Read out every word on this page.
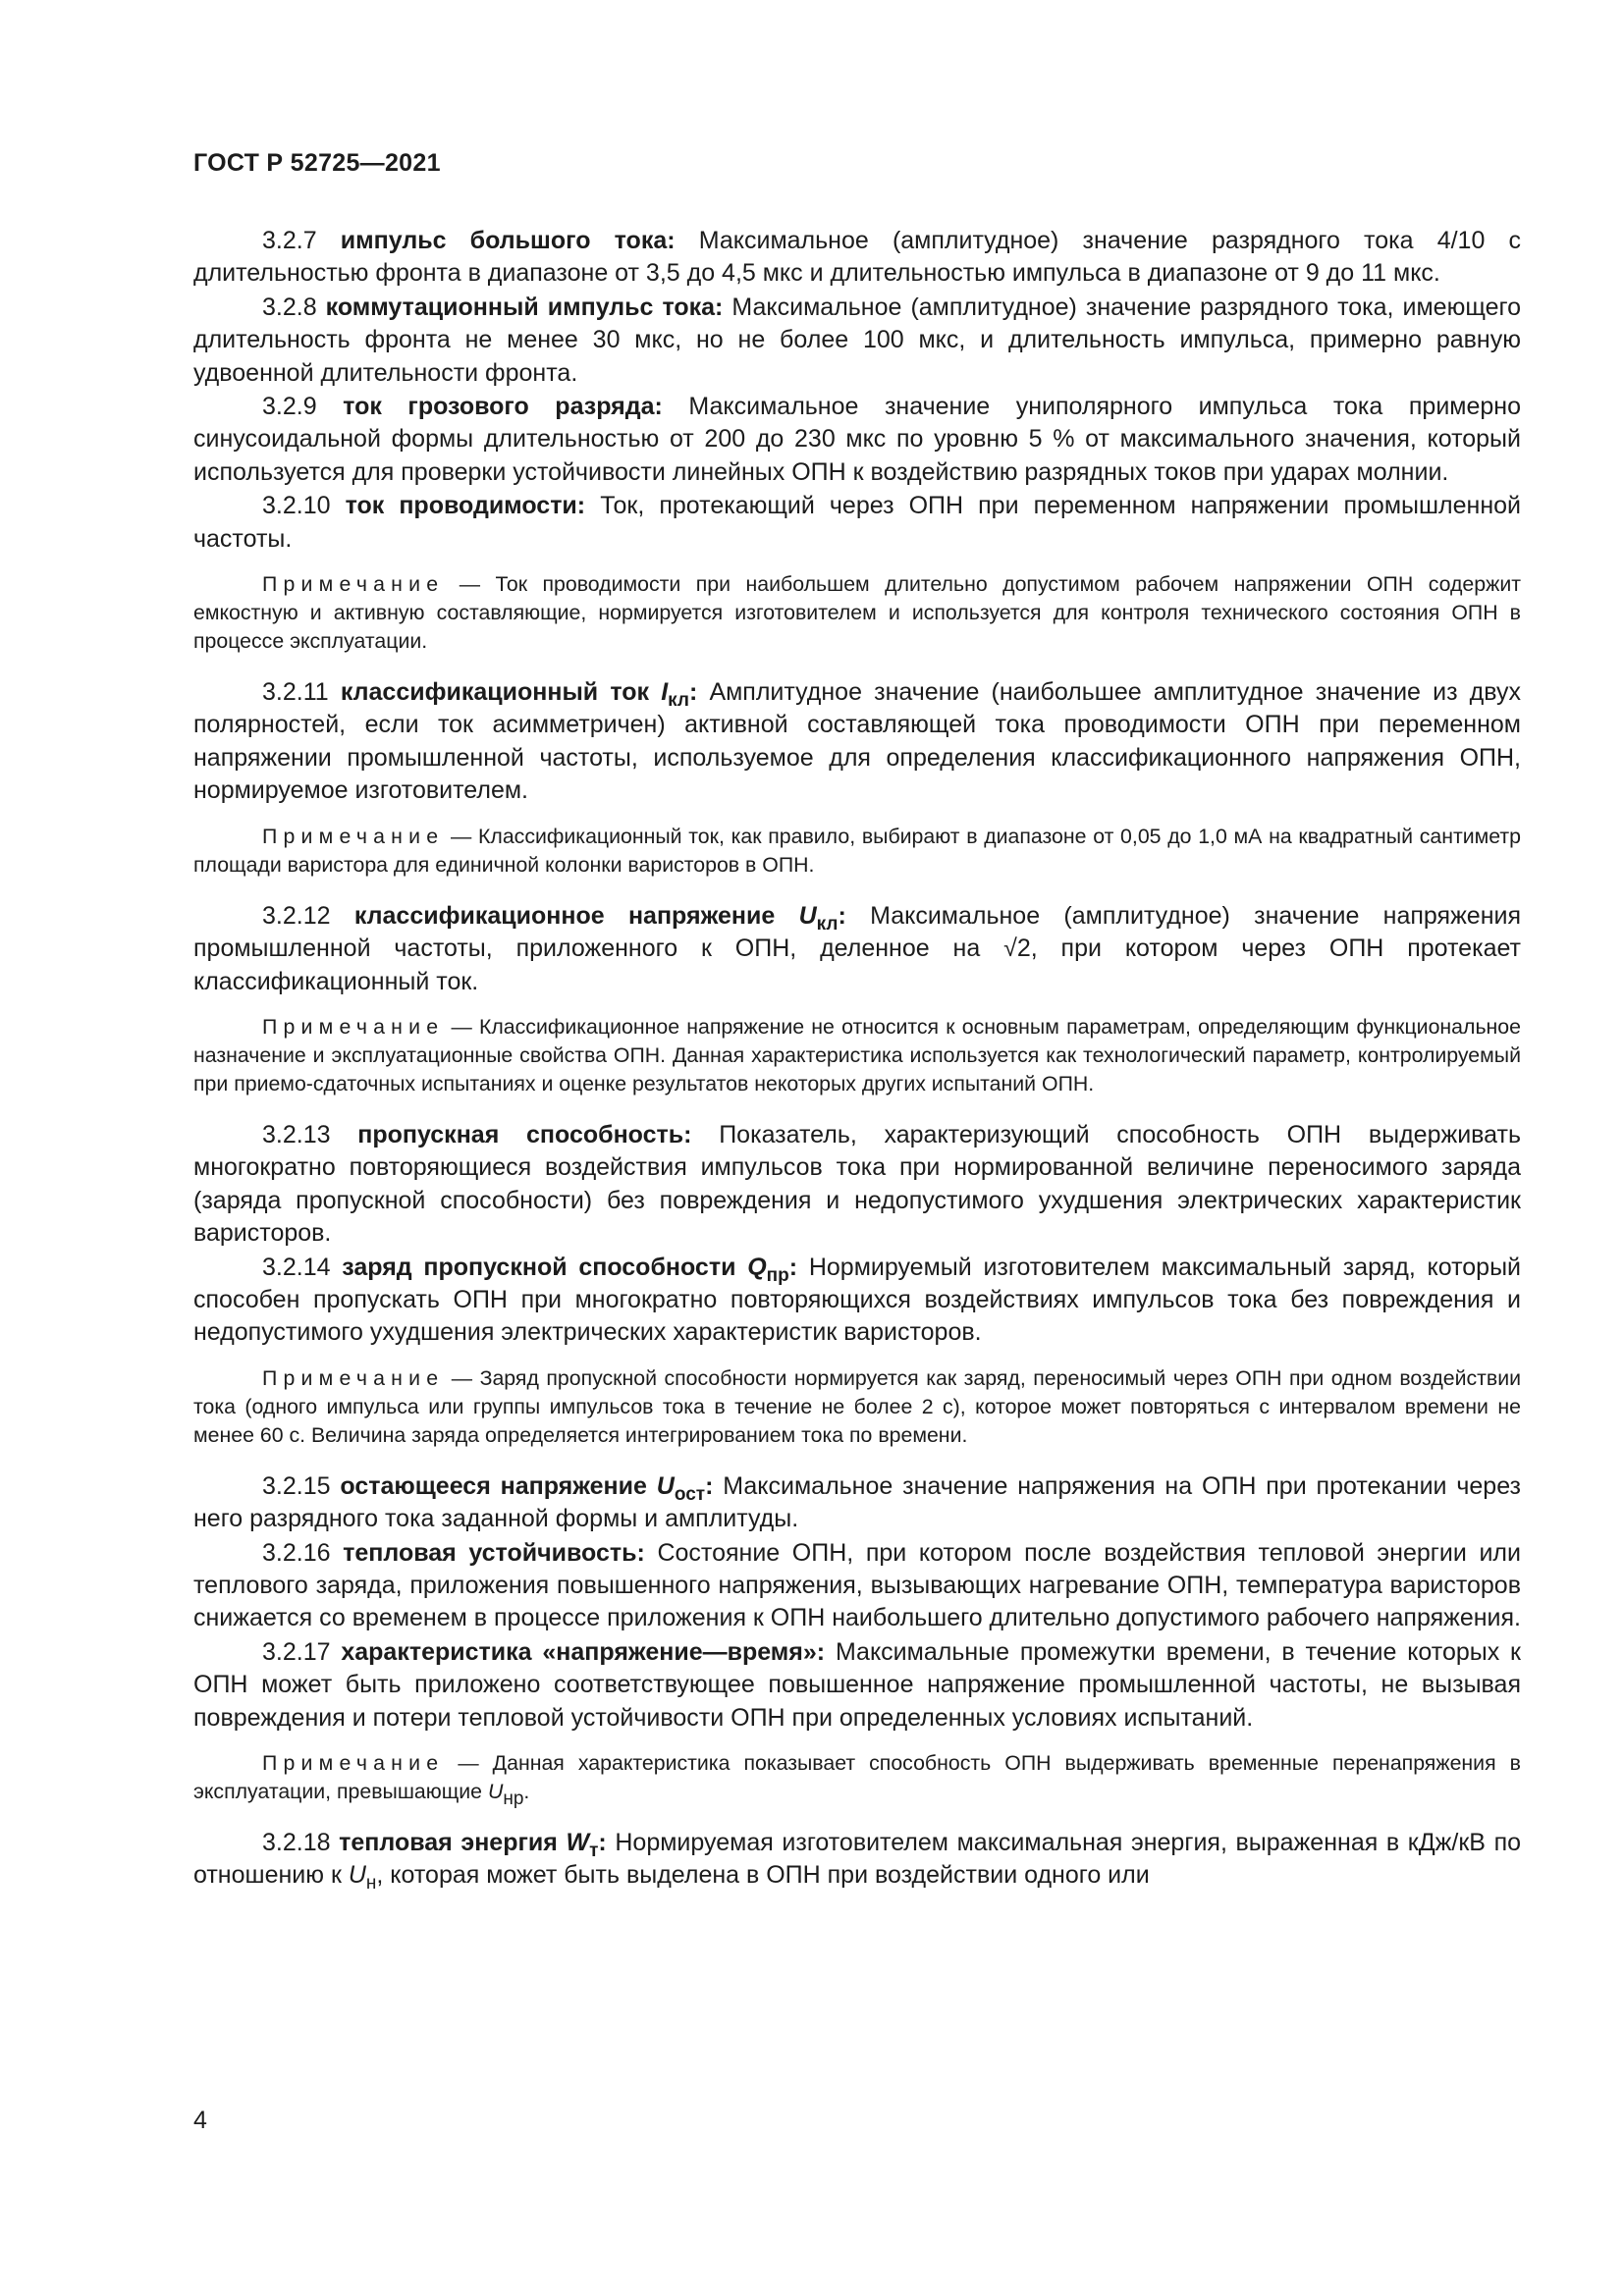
ГОСТ Р 52725—2021

3.2.7 импульс большого тока: Максимальное (амплитудное) значение разрядного тока 4/10 с длительностью фронта в диапазоне от 3,5 до 4,5 мкс и длительностью импульса в диапазоне от 9 до 11 мкс.

3.2.8 коммутационный импульс тока: Максимальное (амплитудное) значение разрядного тока, имеющего длительность фронта не менее 30 мкс, но не более 100 мкс, и длительность импульса, примерно равную удвоенной длительности фронта.

3.2.9 ток грозового разряда: Максимальное значение униполярного импульса тока примерно синусоидальной формы длительностью от 200 до 230 мкс по уровню 5 % от максимального значения, который используется для проверки устойчивости линейных ОПН к воздействию разрядных токов при ударах молнии.

3.2.10 ток проводимости: Ток, протекающий через ОПН при переменном напряжении промышленной частоты.

Примечание — Ток проводимости при наибольшем длительно допустимом рабочем напряжении ОПН содержит емкостную и активную составляющие, нормируется изготовителем и используется для контроля технического состояния ОПН в процессе эксплуатации.

3.2.11 классификационный ток $I_{кл}$: Амплитудное значение (наибольшее амплитудное значение из двух полярностей, если ток асимметричен) активной составляющей тока проводимости ОПН при переменном напряжении промышленной частоты, используемое для определения классификационного напряжения ОПН, нормируемое изготовителем.

Примечание — Классификационный ток, как правило, выбирают в диапазоне от 0,05 до 1,0 мА на квадратный сантиметр площади варистора для единичной колонки варисторов в ОПН.

3.2.12 классификационное напряжение $U_{кл}$: Максимальное (амплитудное) значение напряжения промышленной частоты, приложенного к ОПН, деленное на √2, при котором через ОПН протекает классификационный ток.

Примечание — Классификационное напряжение не относится к основным параметрам, определяющим функциональное назначение и эксплуатационные свойства ОПН. Данная характеристика используется как технологический параметр, контролируемый при приемо-сдаточных испытаниях и оценке результатов некоторых других испытаний ОПН.

3.2.13 пропускная способность: Показатель, характеризующий способность ОПН выдерживать многократно повторяющиеся воздействия импульсов тока при нормированной величине переносимого заряда (заряда пропускной способности) без повреждения и недопустимого ухудшения электрических характеристик варисторов.

3.2.14 заряд пропускной способности $Q_{пр}$: Нормируемый изготовителем максимальный заряд, который способен пропускать ОПН при многократно повторяющихся воздействиях импульсов тока без повреждения и недопустимого ухудшения электрических характеристик варисторов.

Примечание — Заряд пропускной способности нормируется как заряд, переносимый через ОПН при одном воздействии тока (одного импульса или группы импульсов тока в течение не более 2 с), которое может повторяться с интервалом времени не менее 60 с. Величина заряда определяется интегрированием тока по времени.

3.2.15 остающееся напряжение $U_{ост}$: Максимальное значение напряжения на ОПН при протекании через него разрядного тока заданной формы и амплитуды.

3.2.16 тепловая устойчивость: Состояние ОПН, при котором после воздействия тепловой энергии или теплового заряда, приложения повышенного напряжения, вызывающих нагревание ОПН, температура варисторов снижается со временем в процессе приложения к ОПН наибольшего длительно допустимого рабочего напряжения.

3.2.17 характеристика «напряжение—время»: Максимальные промежутки времени, в течение которых к ОПН может быть приложено соответствующее повышенное напряжение промышленной частоты, не вызывая повреждения и потери тепловой устойчивости ОПН при определенных условиях испытаний.

Примечание — Данная характеристика показывает способность ОПН выдерживать временные перенапряжения в эксплуатации, превышающие $U_{нр}$.

3.2.18 тепловая энергия $W_т$: Нормируемая изготовителем максимальная энергия, выраженная в кДж/кВ по отношению к $U_н$, которая может быть выделена в ОПН при воздействии одного или

4
